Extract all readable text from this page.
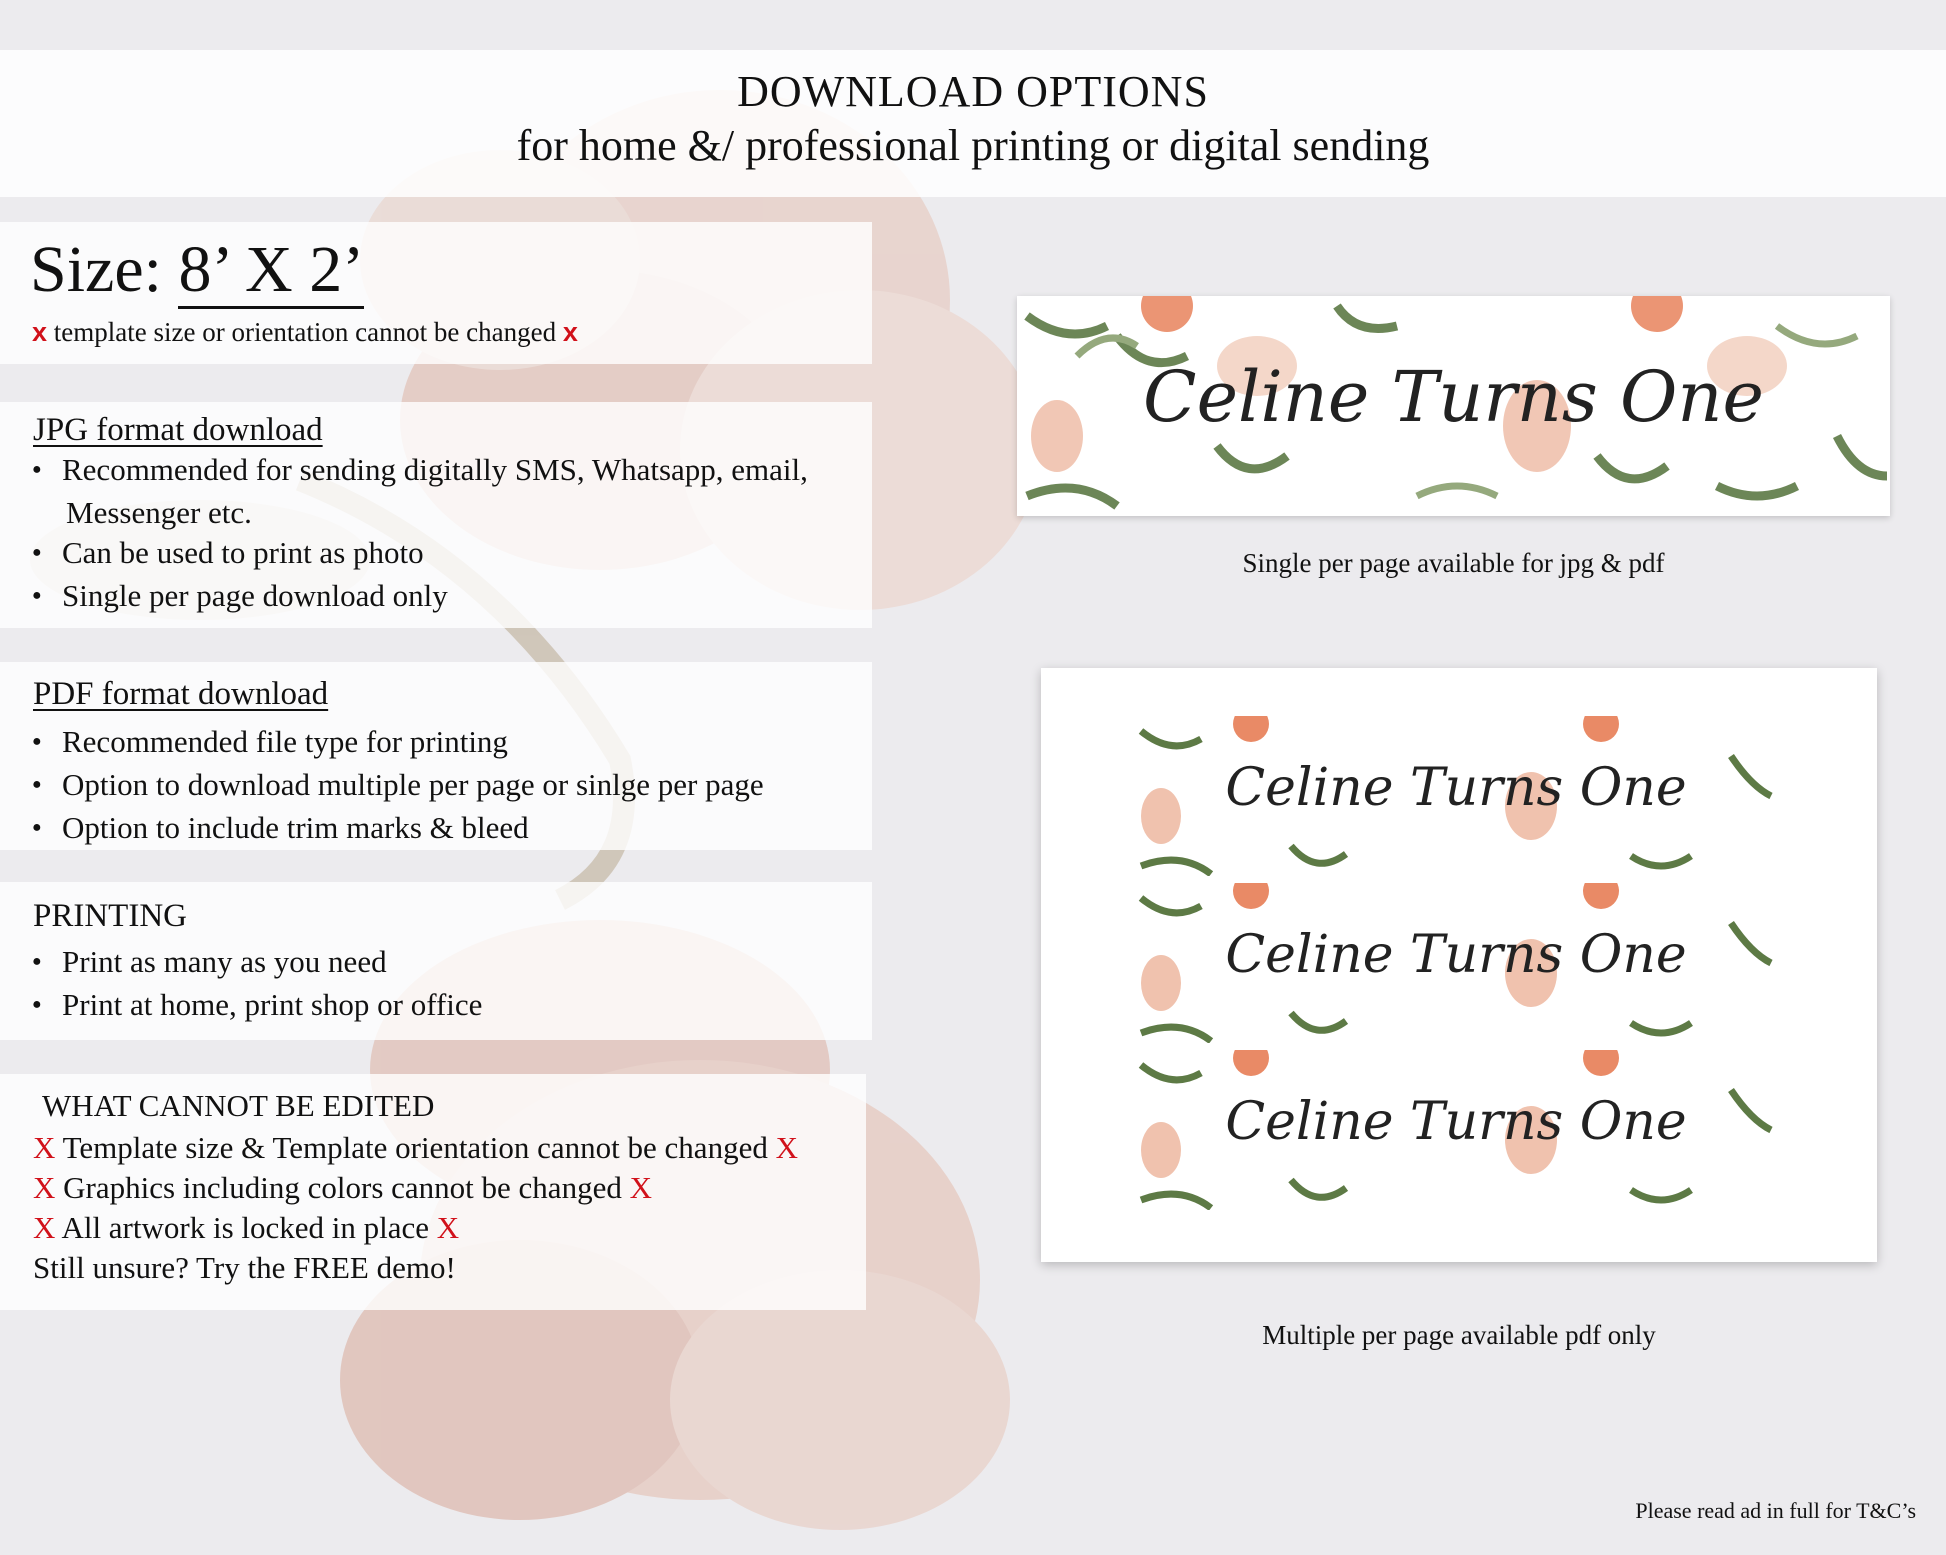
DOWNLOAD OPTIONS
for home &/ professional printing or digital sending
Size: 8’ X 2’
x template size or orientation cannot be changed x
JPG format download
● Recommended for sending digitally SMS, Whatsapp, email,
Messenger etc.
● Can be used to print as photo
● Single per page download only
PDF format download
● Recommended file type for printing
● Option to download multiple per page or sinlge per page
● Option to include trim marks & bleed
PRINTING
● Print as many as you need
● Print at home, print shop or office
WHAT CANNOT BE EDITED
X Template size & Template orientation cannot be changed X
X Graphics including colors cannot be changed X
X All artwork is locked in place X
Still unsure? Try the FREE demo!
Celine Turns One
Single per page available for jpg & pdf
Celine Turns One
Celine Turns One
Celine Turns One
Multiple per page available pdf only
Please read ad in full for T&C’s
